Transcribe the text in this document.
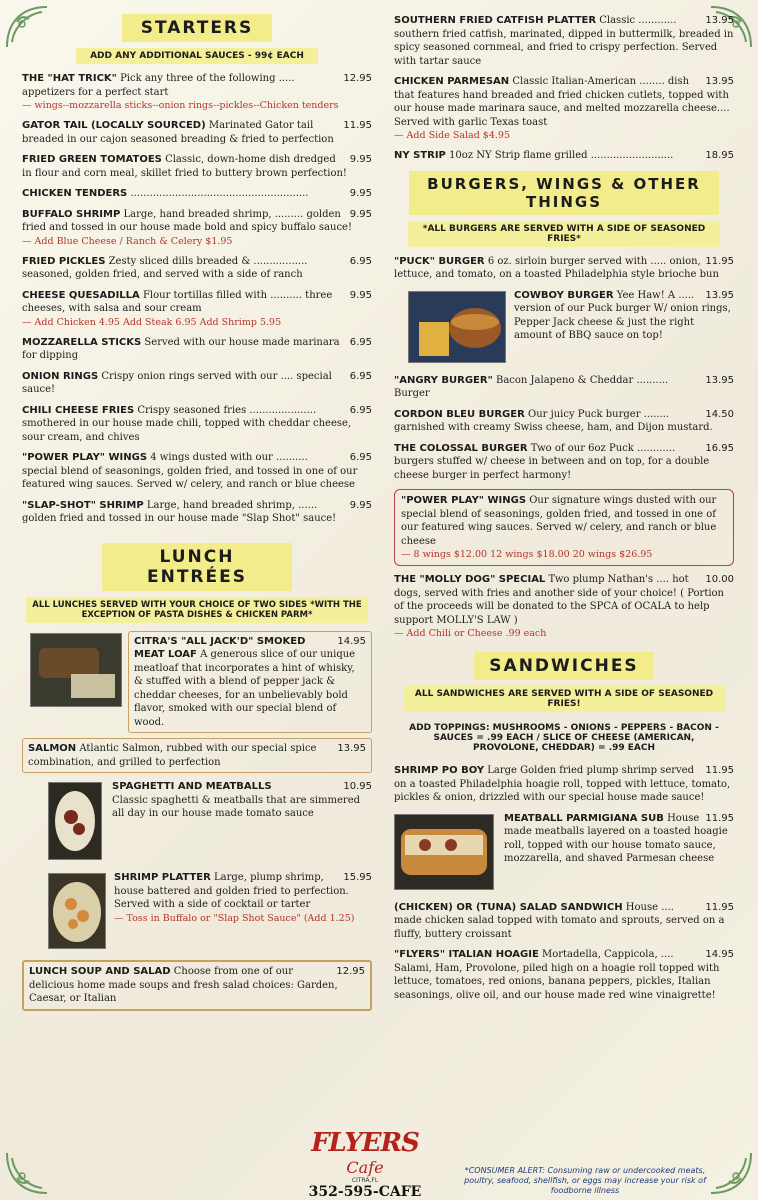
STARTERS
ADD ANY ADDITIONAL SAUCES - 99¢ EACH
12.95
THE "HAT TRICK" Pick any three of the following ..... appetizers for a perfect start
— wings--mozzarella sticks--onion rings--pickles--Chicken tenders
11.95
GATOR TAIL (LOCALLY SOURCED) Marinated Gator tail breaded in our cajon seasoned breading & fried to perfection
9.95
FRIED GREEN TOMATOES Classic, down-home dish dredged in flour and corn meal, skillet fried to buttery brown perfection!
9.95
CHICKEN TENDERS ........................................................
9.95
BUFFALO SHRIMP Large, hand breaded shrimp, ......... golden fried and tossed in our house made bold and spicy buffalo sauce!
— Add Blue Cheese / Ranch & Celery $1.95
6.95
FRIED PICKLES Zesty sliced dills breaded & ................. seasoned, golden fried, and served with a side of ranch
9.95
CHEESE QUESADILLA Flour tortillas filled with .......... three cheeses, with salsa and sour cream
— Add Chicken 4.95 Add Steak 6.95 Add Shrimp 5.95
6.95
MOZZARELLA STICKS Served with our house made marinara for dipping
6.95
ONION RINGS Crispy onion rings served with our .... special sauce!
6.95
CHILI CHEESE FRIES Crispy seasoned fries ..................... smothered in our house made chili, topped with cheddar cheese, sour cream, and chives
6.95
"POWER PLAY" WINGS 4 wings dusted with our .......... special blend of seasonings, golden fried, and tossed in one of our featured wing sauces. Served w/ celery, and ranch or blue cheese
9.95
"SLAP-SHOT" SHRIMP Large, hand breaded shrimp, ...... golden fried and tossed in our house made "Slap Shot" sauce!
LUNCH ENTRÉES
ALL LUNCHES SERVED WITH YOUR CHOICE OF TWO SIDES *WITH THE EXCEPTION OF PASTA DISHES & CHICKEN PARM*
14.95
CITRA'S "ALL JACK'D" SMOKED MEAT LOAF A generous slice of our unique meatloaf that incorporates a hint of whisky, & stuffed with a blend of pepper jack & cheddar cheeses, for an unbelievably bold flavor, smoked with our special blend of wood.
13.95
SALMON Atlantic Salmon, rubbed with our special spice combination, and grilled to perfection
10.95
SPAGHETTI AND MEATBALLS
Classic spaghetti & meatballs that are simmered all day in our house made tomato sauce
15.95
SHRIMP PLATTER Large, plump shrimp, house battered and golden fried to perfection. Served with a side of cocktail or tarter
— Toss in Buffalo or "Slap Shot Sauce" (Add 1.25)
12.95
LUNCH SOUP AND SALAD Choose from one of our delicious home made soups and fresh salad choices: Garden, Caesar, or Italian
13.95
SOUTHERN FRIED CATFISH PLATTER Classic ............ southern fried catfish, marinated, dipped in buttermilk, breaded in spicy seasoned cornmeal, and fried to crispy perfection. Served with tartar sauce
13.95
CHICKEN PARMESAN Classic Italian-American ........ dish that features hand breaded and fried chicken cutlets, topped with our house made marinara sauce, and melted mozzarella cheese.... Served with garlic Texas toast
— Add Side Salad $4.95
18.95
NY STRIP 10oz NY Strip flame grilled ..........................
BURGERS, WINGS & OTHER THINGS
*ALL BURGERS ARE SERVED WITH A SIDE OF SEASONED FRIES*
11.95
"PUCK" BURGER 6 oz. sirloin burger served with ..... onion, lettuce, and tomato, on a toasted Philadelphia style brioche bun
13.95
COWBOY BURGER Yee Haw! A ..... version of our Puck burger W/ onion rings, Pepper Jack cheese & just the right amount of BBQ sauce on top!
13.95
"ANGRY BURGER" Bacon Jalapeno & Cheddar .......... Burger
14.50
CORDON BLEU BURGER Our juicy Puck burger ........ garnished with creamy Swiss cheese, ham, and Dijon mustard.
16.95
THE COLOSSAL BURGER Two of our 6oz Puck ............ burgers stuffed w/ cheese in between and on top, for a double cheese burger in perfect harmony!
"POWER PLAY" WINGS Our signature wings dusted with our special blend of seasonings, golden fried, and tossed in one of our featured wing sauces. Served w/ celery, and ranch or blue cheese
— 8 wings $12.00 12 wings $18.00 20 wings $26.95
10.00
THE "MOLLY DOG" SPECIAL Two plump Nathan's .... hot dogs, served with fries and another side of your choice! ( Portion of the proceeds will be donated to the SPCA of OCALA to help support MOLLY'S LAW )
— Add Chili or Cheese .99 each
SANDWICHES
ALL SANDWICHES ARE SERVED WITH A SIDE OF SEASONED FRIES!
ADD TOPPINGS: MUSHROOMS - ONIONS - PEPPERS - BACON - SAUCES = .99 EACH / SLICE OF CHEESE (AMERICAN, PROVOLONE, CHEDDAR) = .99 EACH
11.95
SHRIMP PO BOY Large Golden fried plump shrimp served on a toasted Philadelphia hoagie roll, topped with lettuce, tomato, pickles & onion, drizzled with our special house made sauce!
11.95
MEATBALL PARMIGIANA SUB House made meatballs layered on a toasted hoagie roll, topped with our house tomato sauce, mozzarella, and shaved Parmesan cheese
11.95
(CHICKEN) OR (TUNA) SALAD SANDWICH House .... made chicken salad topped with tomato and sprouts, served on a fluffy, buttery croissant
14.95
"FLYERS" ITALIAN HOAGIE Mortadella, Cappicola, .... Salami, Ham, Provolone, piled high on a hoagie roll topped with lettuce, tomatoes, red onions, banana peppers, pickles, Italian seasonings, olive oil, and our house made red wine vinaigrette!
FLYERS Cafe
CITRA,FL
352-595-CAFE
*CONSUMER ALERT: Consuming raw or undercooked meats, poultry, seafood, shellfish, or eggs may increase your risk of foodborne illness
